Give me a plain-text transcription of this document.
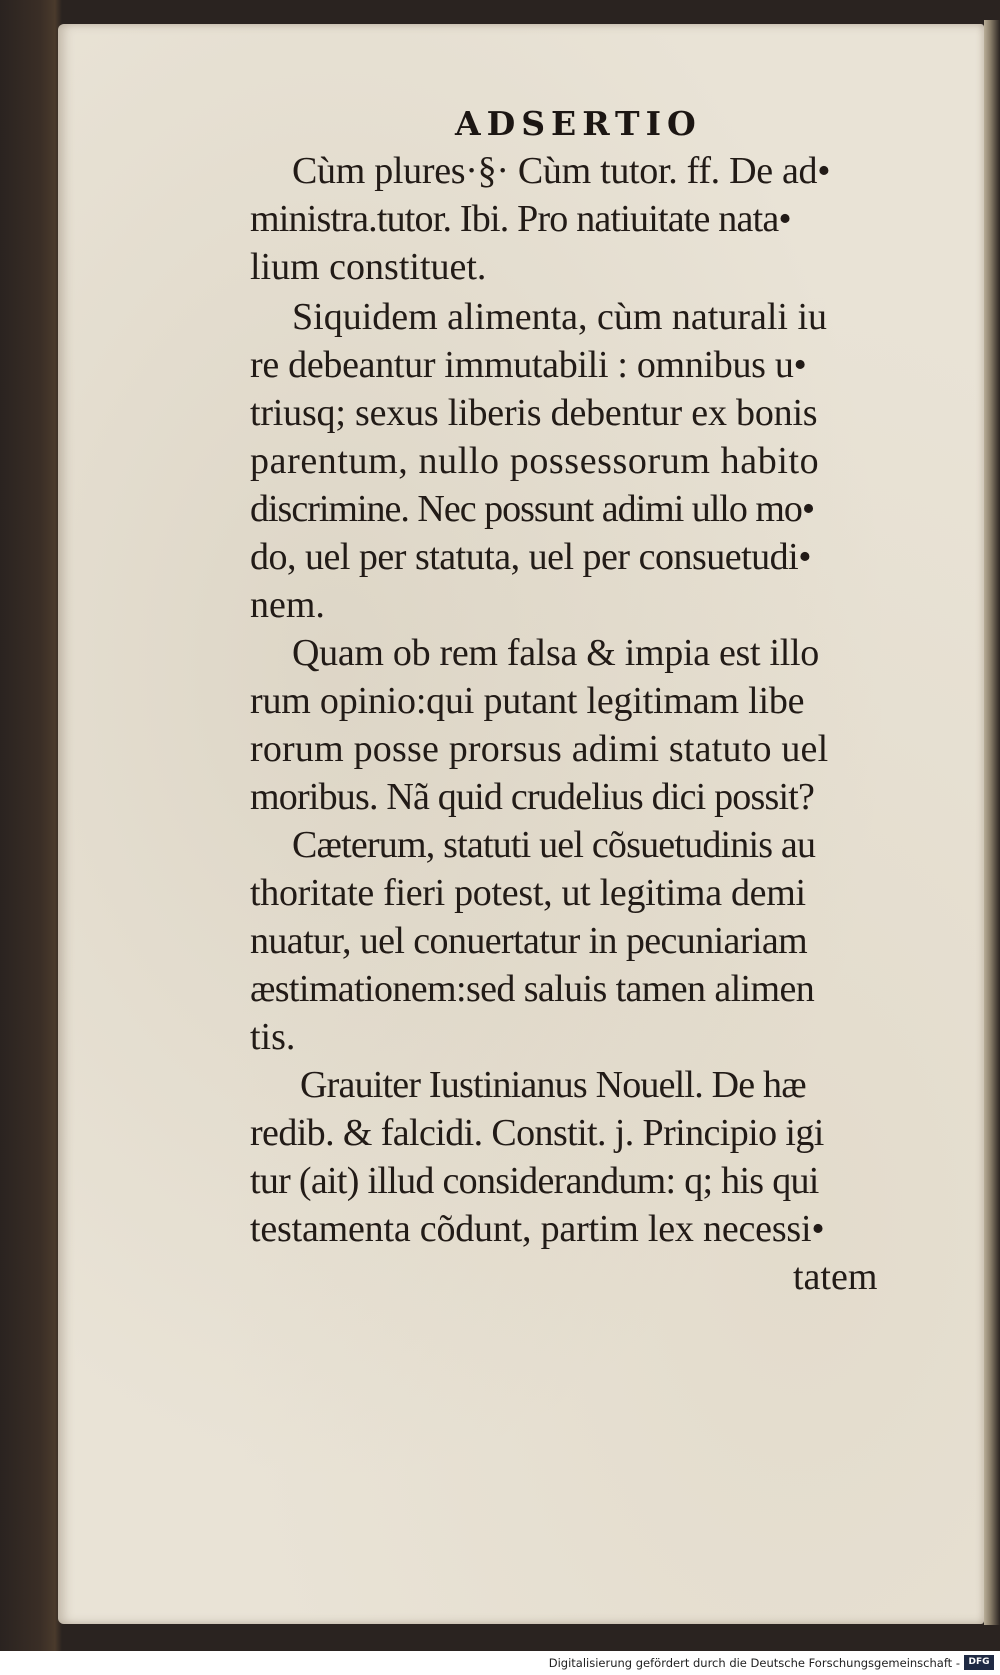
ADSERTIO
Cùm plures·§· Cùm tutor. ff. De ad•
ministra.tutor. Ibi. Pro natiuitate nata•
lium constituet.
Siquidem alimenta, cùm naturali iu
re debeantur immutabili : omnibus u•
triusq; sexus liberis debentur ex bonis
parentum, nullo possessorum habito
discrimine. Nec possunt adimi ullo mo•
do, uel per statuta, uel per consuetudi•
nem.
Quam ob rem falsa & impia est illo
rum opinio:qui putant legitimam libe
rorum posse prorsus adimi statuto uel
moribus. Nã quid crudelius dici possit?
Cæterum, statuti uel cõsuetudinis au
thoritate fieri potest, ut legitima demi
nuatur, uel conuertatur in pecuniariam
æstimationem:sed saluis tamen alimen
tis.
Grauiter Iustinianus Nouell. De hæ
redib. & falcidi. Constit. j. Principio igi
tur (ait) illud considerandum: q; his qui
testamenta cõdunt, partim lex necessi•
tatem
Digitalisierung gefördert durch die Deutsche Forschungsgemeinschaft - DFG
